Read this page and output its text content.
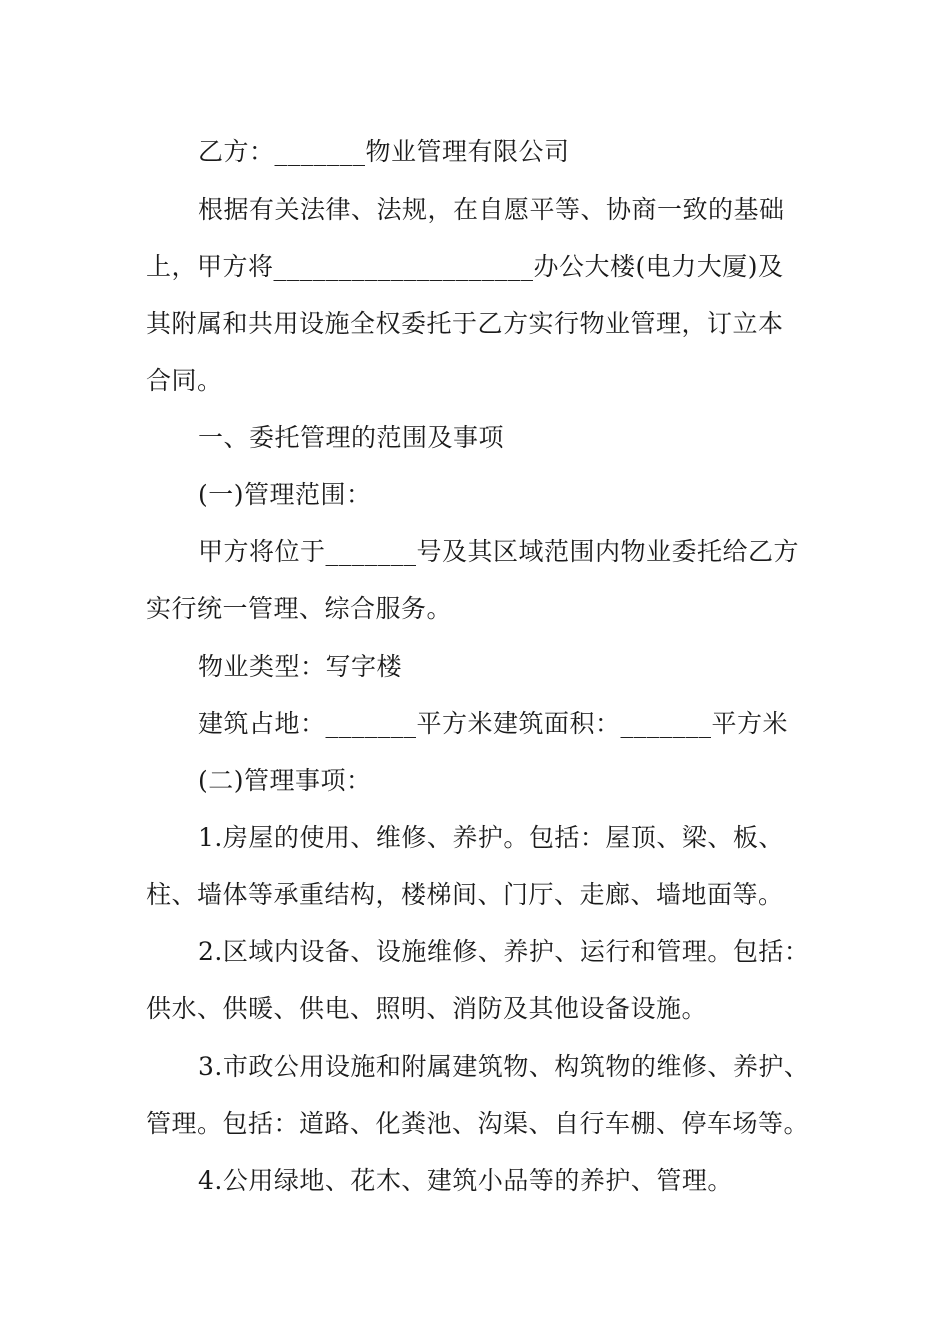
乙方：_______物业管理有限公司
根据有关法律、法规，在自愿平等、协商一致的基础
上，甲方将____________________办公大楼(电力大厦)及
其附属和共用设施全权委托于乙方实行物业管理，订立本
合同。
一、委托管理的范围及事项
(一)管理范围：
甲方将位于_______号及其区域范围内物业委托给乙方
实行统一管理、综合服务。
物业类型：写字楼
建筑占地：_______平方米建筑面积：_______平方米
(二)管理事项：
1.房屋的使用、维修、养护。包括：屋顶、梁、板、
柱、墙体等承重结构，楼梯间、门厅、走廊、墙地面等。
2.区域内设备、设施维修、养护、运行和管理。包括：
供水、供暖、供电、照明、消防及其他设备设施。
3.市政公用设施和附属建筑物、构筑物的维修、养护、
管理。包括：道路、化粪池、沟渠、自行车棚、停车场等。
4.公用绿地、花木、建筑小品等的养护、管理。
